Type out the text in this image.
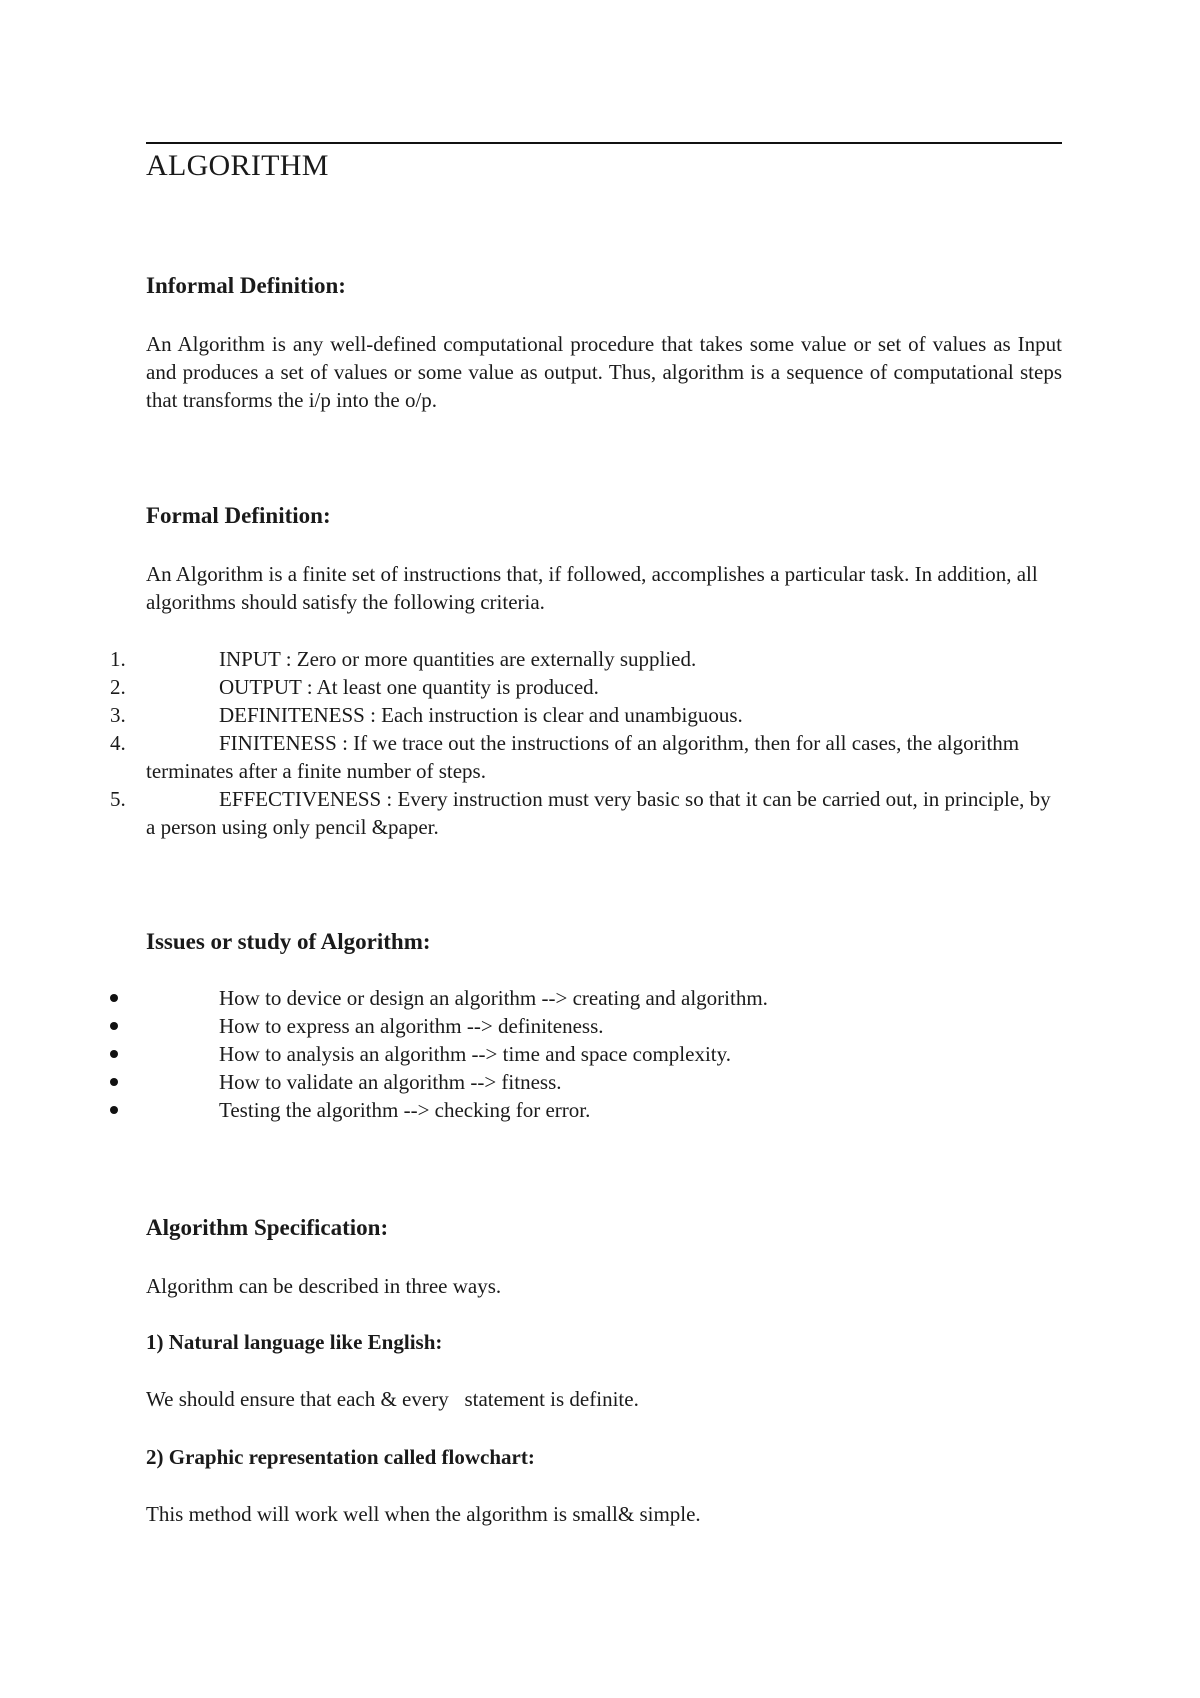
ALGORITHM
Informal Definition:

An Algorithm is any well-defined computational procedure that takes some value or set of values as Input and produces a set of values or some value as output. Thus, algorithm is a sequence of computational steps that transforms the i/p into the o/p.

Formal Definition:

An Algorithm is a finite set of instructions that, if followed, accomplishes a particular task. In addition, all algorithms should satisfy the following criteria.

1.	INPUT : Zero or more quantities are externally supplied.
2.	OUTPUT : At least one quantity is produced.
3.	DEFINITENESS : Each instruction is clear and unambiguous.
4.	FINITENESS : If we trace out the instructions of an algorithm, then for all cases, the algorithm terminates after a finite number of steps.
5.	EFFECTIVENESS : Every instruction must very basic so that it can be carried out, in principle, by a person using only pencil &paper.
Issues or study of Algorithm:
How to device or design an algorithm --> creating and algorithm.
How to express an algorithm --> definiteness.
How to analysis an algorithm --> time and space complexity.
How to validate an algorithm --> fitness.
Testing the algorithm --> checking for error.
Algorithm Specification:

Algorithm can be described in three ways.

1) Natural language like English:

We should ensure that each & every   statement is definite.

2) Graphic representation called flowchart:

This method will work well when the algorithm is small& simple.
